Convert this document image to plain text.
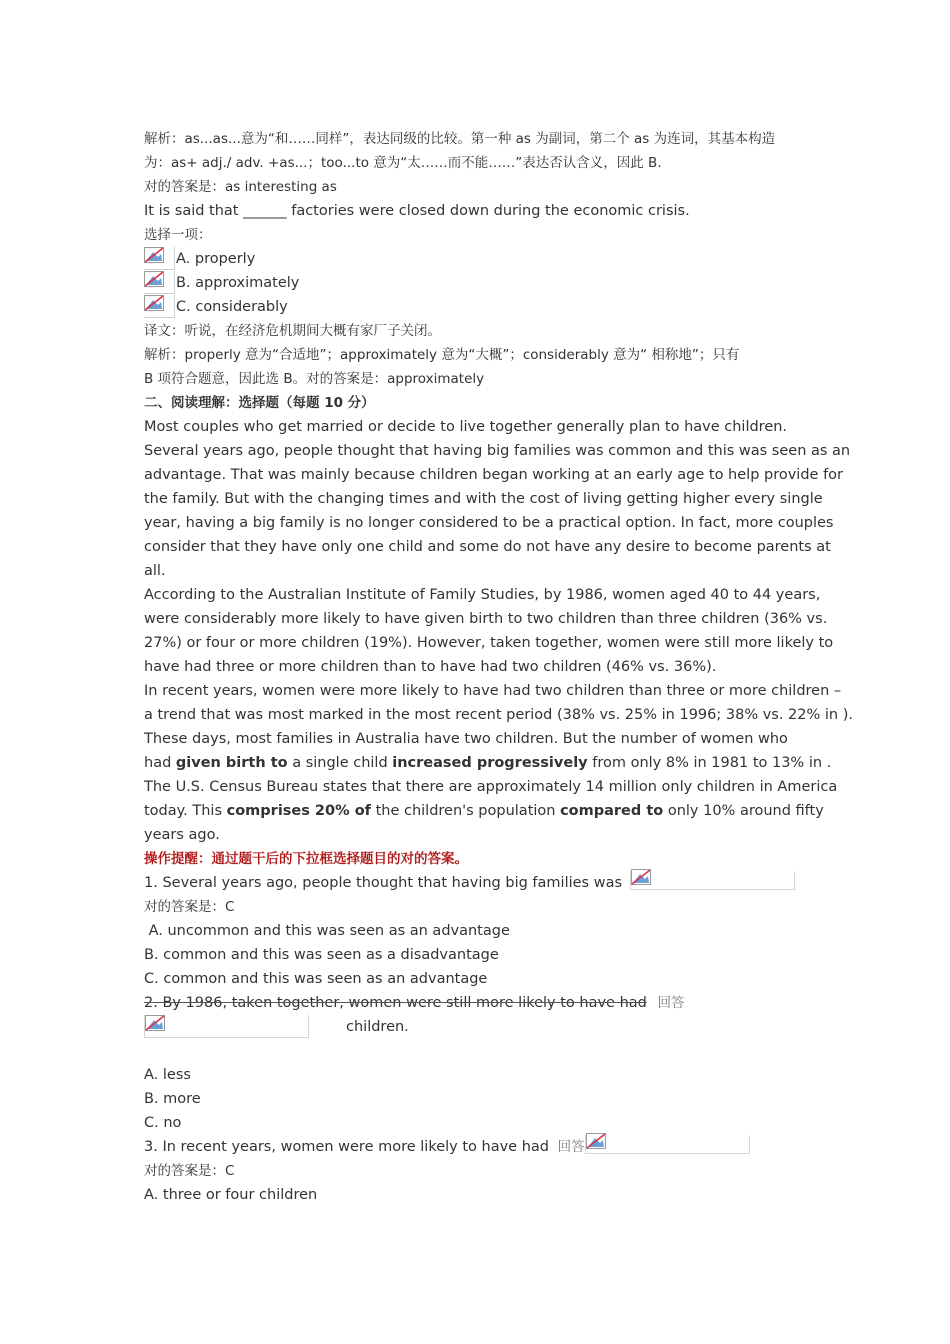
解析：as...as...意为“和……同样”，表达同级的比较。第一种 as 为副词，第二个 as 为连词，其基本构造
为：as+ adj./ adv. +as...；too...to 意为“太……而不能……”表达否认含义，因此 B.
对的答案是：as interesting as
It is said that ______ factories were closed down during the economic crisis.
选择一项：
A. properly
B. approximately
C. considerably
译文：听说，在经济危机期间大概有家厂子关闭。
解析：properly 意为“合适地”；approximately 意为“大概”；considerably 意为“ 相称地”；只有
B 项符合题意，因此选 B。对的答案是：approximately
二、阅读理解：选择题（每题 10 分）
Most couples who get married or decide to live together generally plan to have children.
Several years ago, people thought that having big families was common and this was seen as an
advantage. That was mainly because children began working at an early age to help provide for
the family. But with the changing times and with the cost of living getting higher every single
year, having a big family is no longer considered to be a practical option. In fact, more couples
consider that they have only one child and some do not have any desire to become parents at
all.
According to the Australian Institute of Family Studies, by 1986, women aged 40 to 44 years,
were considerably more likely to have given birth to two children than three children (36% vs.
27%) or four or more children (19%). However, taken together, women were still more likely to
have had three or more children than to have had two children (46% vs. 36%).
In recent years, women were more likely to have had two children than three or more children –
a trend that was most marked in the most recent period (38% vs. 25% in 1996; 38% vs. 22% in ).
These days, most families in Australia have two children. But the number of women who
had given birth to a single child increased progressively from only 8% in 1981 to 13% in .
The U.S. Census Bureau states that there are approximately 14 million only children in America
today. This comprises 20% of the children's population compared to only 10% around fifty
years ago.
操作提醒：通过题干后的下拉框选择题目的对的答案。
1. Several years ago, people thought that having big families was
对的答案是：C
A. uncommon and this was seen as an advantage
B. common and this was seen as a disadvantage
C. common and this was seen as an advantage
2. By 1986, taken together, women were still more likely to have had 回答
children.
A. less
B. more
C. no
3. In recent years, women were more likely to have had 回答
对的答案是：C
A. three or four children
